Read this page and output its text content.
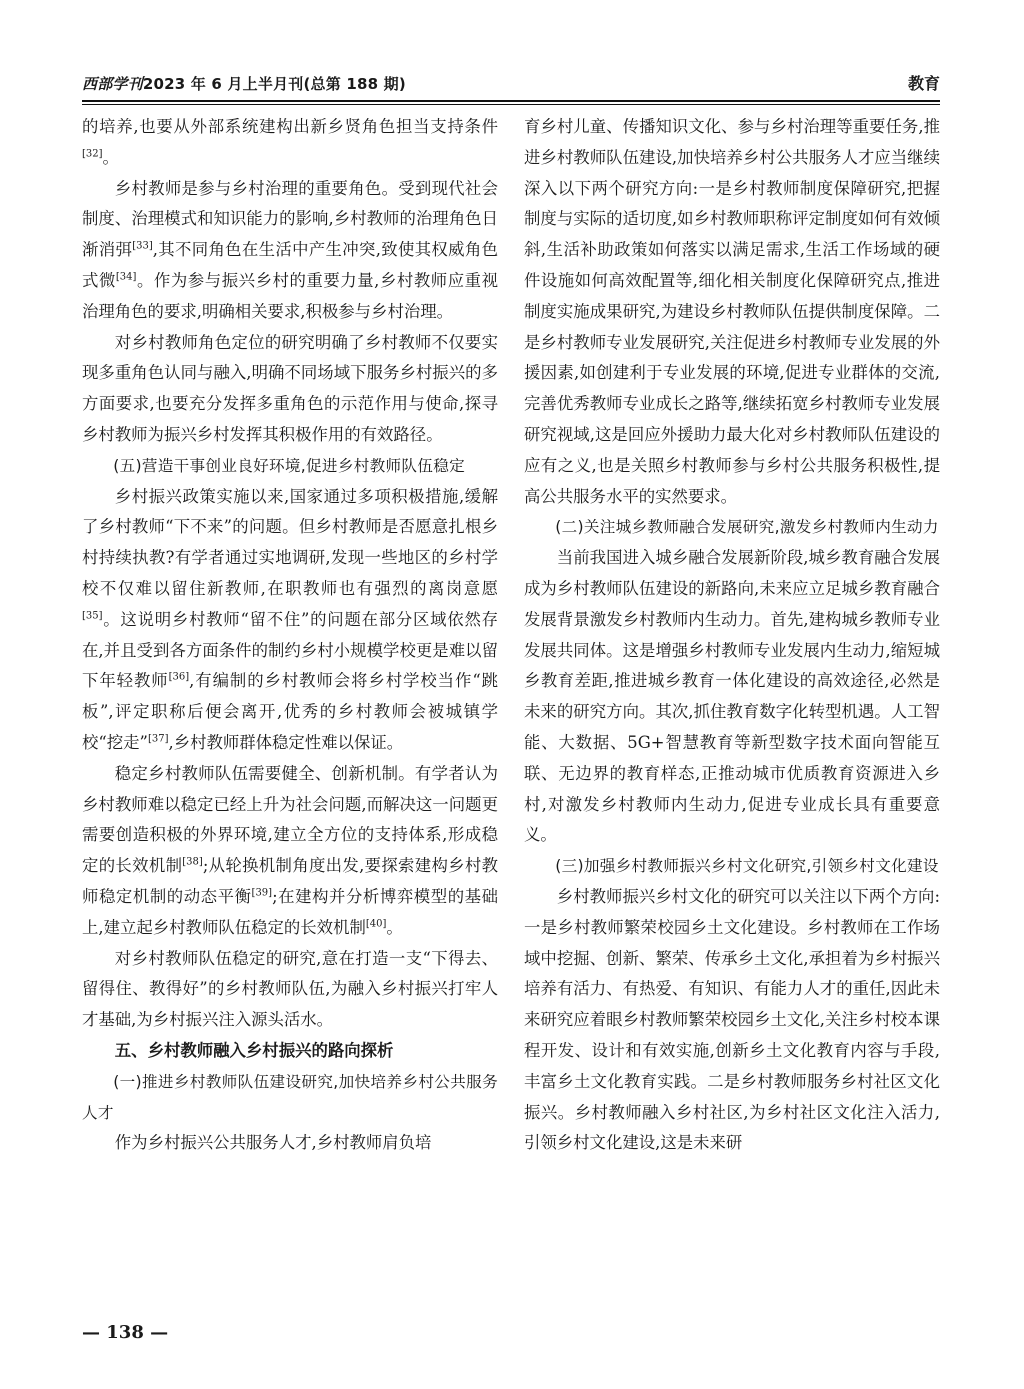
西部学刊2023 年 6 月上半月刊(总第 188 期)	教育

的培养,也要从外部系统建构出新乡贤角色担当支持条件[32]。

乡村教师是参与乡村治理的重要角色。受到现代社会制度、治理模式和知识能力的影响,乡村教师的治理角色日渐消弭[33],其不同角色在生活中产生冲突,致使其权威角色式微[34]。作为参与振兴乡村的重要力量,乡村教师应重视治理角色的要求,明确相关要求,积极参与乡村治理。

对乡村教师角色定位的研究明确了乡村教师不仅要实现多重角色认同与融入,明确不同场域下服务乡村振兴的多方面要求,也要充分发挥多重角色的示范作用与使命,探寻乡村教师为振兴乡村发挥其积极作用的有效路径。

(五)营造干事创业良好环境,促进乡村教师队伍稳定

乡村振兴政策实施以来,国家通过多项积极措施,缓解了乡村教师“下不来”的问题。但乡村教师是否愿意扎根乡村持续执教?有学者通过实地调研,发现一些地区的乡村学校不仅难以留住新教师,在职教师也有强烈的离岗意愿[35]。这说明乡村教师“留不住”的问题在部分区域依然存在,并且受到各方面条件的制约乡村小规模学校更是难以留下年轻教师[36],有编制的乡村教师会将乡村学校当作“跳板”,评定职称后便会离开,优秀的乡村教师会被城镇学校“挖走”[37],乡村教师群体稳定性难以保证。

稳定乡村教师队伍需要健全、创新机制。有学者认为乡村教师难以稳定已经上升为社会问题,而解决这一问题更需要创造积极的外界环境,建立全方位的支持体系,形成稳定的长效机制[38];从轮换机制角度出发,要探索建构乡村教师稳定机制的动态平衡[39];在建构并分析博弈模型的基础上,建立起乡村教师队伍稳定的长效机制[40]。

对乡村教师队伍稳定的研究,意在打造一支“下得去、留得住、教得好”的乡村教师队伍,为融入乡村振兴打牢人才基础,为乡村振兴注入源头活水。

五、乡村教师融入乡村振兴的路向探析

(一)推进乡村教师队伍建设研究,加快培养乡村公共服务人才

作为乡村振兴公共服务人才,乡村教师肩负培

育乡村儿童、传播知识文化、参与乡村治理等重要任务,推进乡村教师队伍建设,加快培养乡村公共服务人才应当继续深入以下两个研究方向:一是乡村教师制度保障研究,把握制度与实际的适切度,如乡村教师职称评定制度如何有效倾斜,生活补助政策如何落实以满足需求,生活工作场域的硬件设施如何高效配置等,细化相关制度化保障研究点,推进制度实施成果研究,为建设乡村教师队伍提供制度保障。二是乡村教师专业发展研究,关注促进乡村教师专业发展的外援因素,如创建利于专业发展的环境,促进专业群体的交流,完善优秀教师专业成长之路等,继续拓宽乡村教师专业发展研究视域,这是回应外援助力最大化对乡村教师队伍建设的应有之义,也是关照乡村教师参与乡村公共服务积极性,提高公共服务水平的实然要求。

(二)关注城乡教师融合发展研究,激发乡村教师内生动力

当前我国进入城乡融合发展新阶段,城乡教育融合发展成为乡村教师队伍建设的新路向,未来应立足城乡教育融合发展背景激发乡村教师内生动力。首先,建构城乡教师专业发展共同体。这是增强乡村教师专业发展内生动力,缩短城乡教育差距,推进城乡教育一体化建设的高效途径,必然是未来的研究方向。其次,抓住教育数字化转型机遇。人工智能、大数据、5G+智慧教育等新型数字技术面向智能互联、无边界的教育样态,正推动城市优质教育资源进入乡村,对激发乡村教师内生动力,促进专业成长具有重要意义。

(三)加强乡村教师振兴乡村文化研究,引领乡村文化建设

乡村教师振兴乡村文化的研究可以关注以下两个方向:一是乡村教师繁荣校园乡土文化建设。乡村教师在工作场域中挖掘、创新、繁荣、传承乡土文化,承担着为乡村振兴培养有活力、有热爱、有知识、有能力人才的重任,因此未来研究应着眼乡村教师繁荣校园乡土文化,关注乡村校本课程开发、设计和有效实施,创新乡土文化教育内容与手段,丰富乡土文化教育实践。二是乡村教师服务乡村社区文化振兴。乡村教师融入乡村社区,为乡村社区文化注入活力,引领乡村文化建设,这是未来研

— 138 —
